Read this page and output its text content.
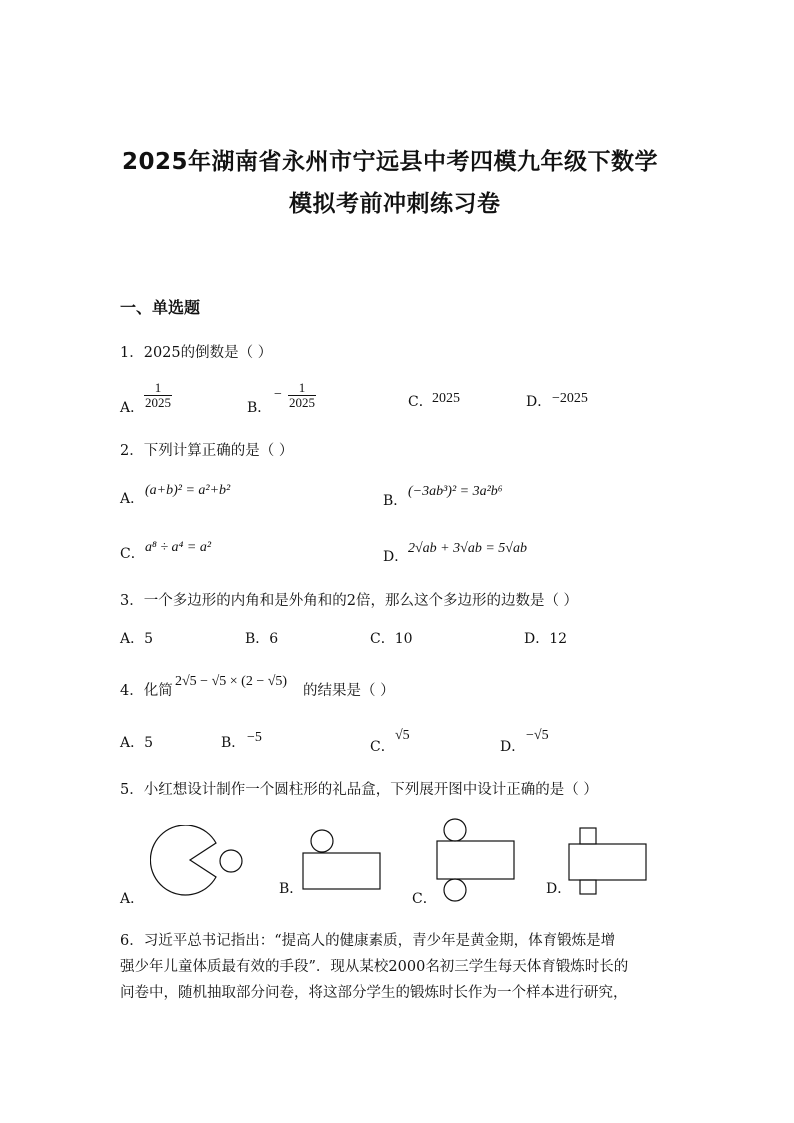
2025年湖南省永州市宁远县中考四模九年级下数学
模拟考前冲刺练习卷
一、单选题
1．2025的倒数是（ ）
A． $\frac{1}{2025}$	B．
− $\frac{1}{2025}$	C． 2025	D． −2025
2．下列计算正确的是（ ）
A．
(a+b)² = a²+b²
B．
(−3ab³)² = 3a²b⁶
C． a⁸ ÷ a⁴ = a²
D．
2√ab + 3√ab = 5√ab
3．一个多边形的内角和是外角和的2倍，那么这个多边形的边数是（ ）
A．5	B．6	C．10	D．12
4．化简
2√5 − √5 × (2 − √5)
的结果是（ ）
A．5	B． −5
C．
√5
D．
−√5
5．小红想设计制作一个圆柱形的礼品盒，下列展开图中设计正确的是（ ）
A．
B．
C．
D．
6．习近平总书记指出：“提高人的健康素质，青少年是黄金期，体育锻炼是增
强少年儿童体质最有效的手段”．现从某校2000名初三学生每天体育锻炼时长的
问卷中，随机抽取部分问卷，将这部分学生的锻炼时长作为一个样本进行研究，
